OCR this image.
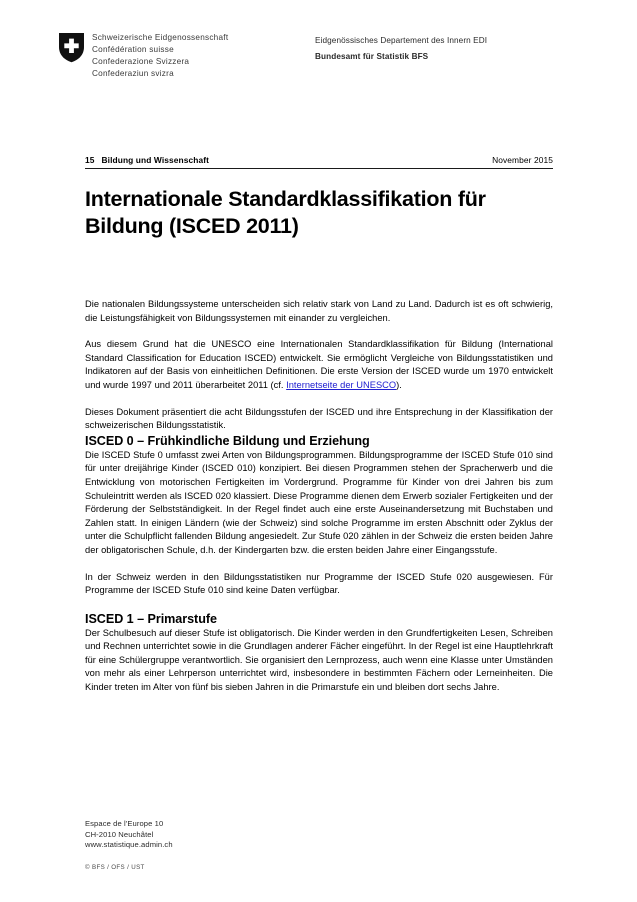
Schweizerische Eidgenossenschaft
Confédération suisse
Confederazione Svizzera
Confederaziun svizra
Eidgenössisches Departement des Innern EDI
Bundesamt für Statistik BFS
15 Bildung und Wissenschaft	November 2015
Internationale Standardklassifikation für Bildung (ISCED 2011)

Die nationalen Bildungssysteme unterscheiden sich relativ stark von Land zu Land. Dadurch ist es oft schwierig, die Leistungsfähigkeit von Bildungssystemen mit einander zu vergleichen.

Aus diesem Grund hat die UNESCO eine Internationalen Standardklassifikation für Bildung (International Standard Classification for Education ISCED) entwickelt. Sie ermöglicht Vergleiche von Bildungsstatistiken und Indikatoren auf der Basis von einheitlichen Definitionen. Die erste Version der ISCED wurde um 1970 entwickelt und wurde 1997 und 2011 überarbeitet 2011 (cf. Internetseite der UNESCO).

Dieses Dokument präsentiert die acht Bildungsstufen der ISCED und ihre Entsprechung in der Klassifikation der schweizerischen Bildungsstatistik.

ISCED 0 – Frühkindliche Bildung und Erziehung

Die ISCED Stufe 0 umfasst zwei Arten von Bildungsprogrammen. Bildungsprogramme der ISCED Stufe 010 sind für unter dreijährige Kinder (ISCED 010) konzipiert. Bei diesen Programmen stehen der Spracherwerb und die Entwicklung von motorischen Fertigkeiten im Vordergrund. Programme für Kinder von drei Jahren bis zum Schuleintritt werden als ISCED 020 klassiert. Diese Programme dienen dem Erwerb sozialer Fertigkeiten und der Förderung der Selbstständigkeit. In der Regel findet auch eine erste Auseinandersetzung mit Buchstaben und Zahlen statt. In einigen Ländern (wie der Schweiz) sind solche Programme im ersten Abschnitt oder Zyklus der unter die Schulpflicht fallenden Bildung angesiedelt. Zur Stufe 020 zählen in der Schweiz die ersten beiden Jahre der obligatorischen Schule, d.h. der Kindergarten bzw. die ersten beiden Jahre einer Eingangsstufe.

In der Schweiz werden in den Bildungsstatistiken nur Programme der ISCED Stufe 020 ausgewiesen. Für Programme der ISCED Stufe 010 sind keine Daten verfügbar.

ISCED 1 – Primarstufe

Der Schulbesuch auf dieser Stufe ist obligatorisch. Die Kinder werden in den Grundfertigkeiten Lesen, Schreiben und Rechnen unterrichtet sowie in die Grundlagen anderer Fächer eingeführt. In der Regel ist eine Hauptlehrkraft für eine Schülergruppe verantwortlich. Sie organisiert den Lernprozess, auch wenn eine Klasse unter Umständen von mehr als einer Lehrperson unterrichtet wird, insbesondere in bestimmten Fächern oder Lerneinheiten. Die Kinder treten im Alter von fünf bis sieben Jahren in die Primarstufe ein und bleiben dort sechs Jahre.

Espace de l'Europe 10
CH-2010 Neuchâtel
www.statistique.admin.ch
© BFS / OFS / UST
